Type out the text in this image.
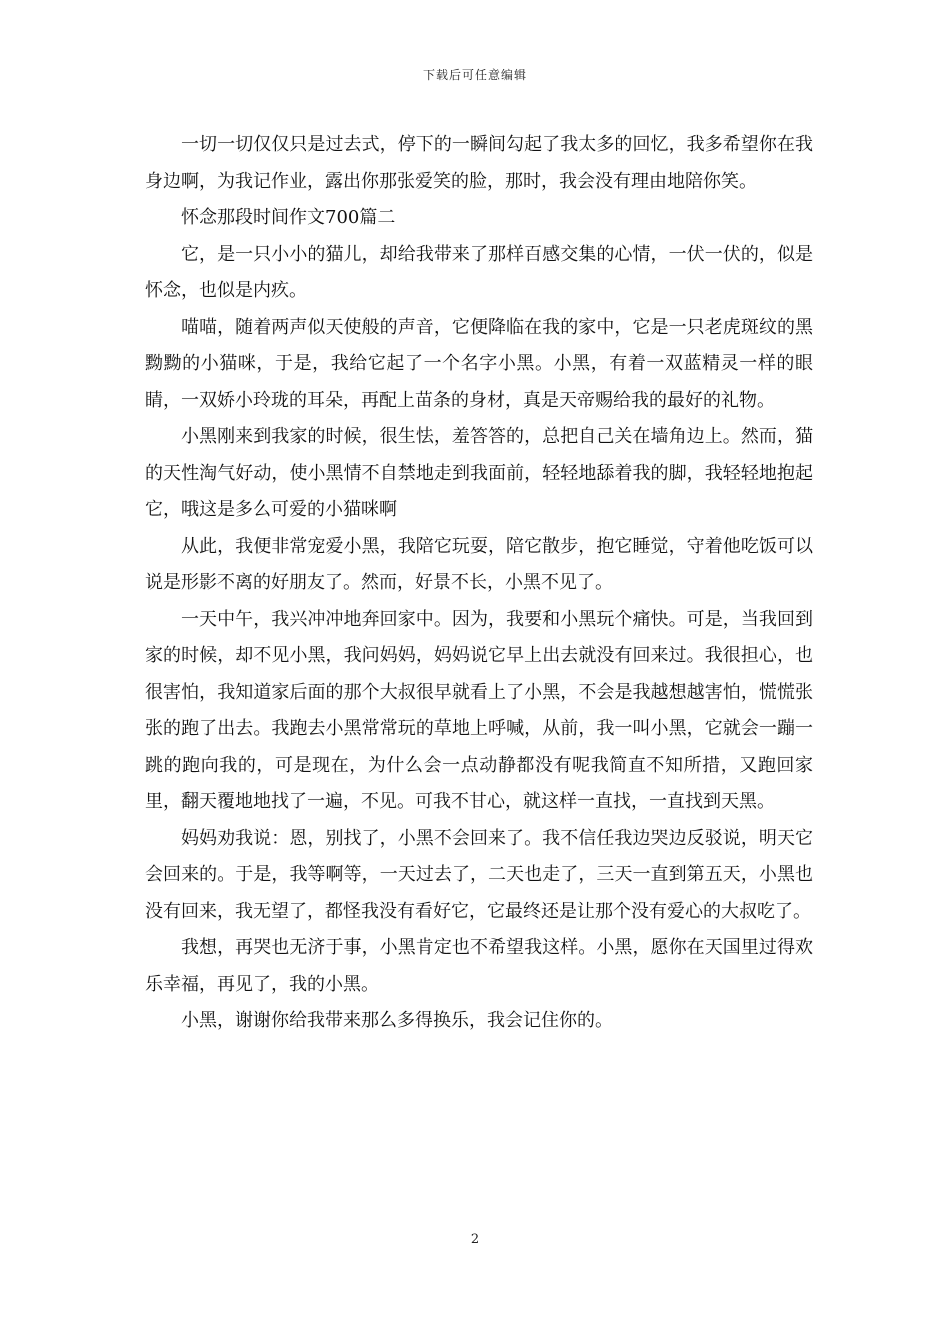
下载后可任意编辑

一切一切仅仅只是过去式，停下的一瞬间勾起了我太多的回忆，我多希望你在我身边啊，为我记作业，露出你那张爱笑的脸，那时，我会没有理由地陪你笑。

怀念那段时间作文700篇二

它，是一只小小的猫儿，却给我带来了那样百感交集的心情，一伏一伏的，似是怀念，也似是内疚。

喵喵，随着两声似天使般的声音，它便降临在我的家中，它是一只老虎斑纹的黑黝黝的小猫咪，于是，我给它起了一个名字小黑。小黑，有着一双蓝精灵一样的眼睛，一双娇小玲珑的耳朵，再配上苗条的身材，真是天帝赐给我的最好的礼物。

小黑刚来到我家的时候，很生怯，羞答答的，总把自己关在墙角边上。然而，猫的天性淘气好动，使小黑情不自禁地走到我面前，轻轻地舔着我的脚，我轻轻地抱起它，哦这是多么可爱的小猫咪啊

从此，我便非常宠爱小黑，我陪它玩耍，陪它散步，抱它睡觉，守着他吃饭可以说是形影不离的好朋友了。然而，好景不长，小黑不见了。

一天中午，我兴冲冲地奔回家中。因为，我要和小黑玩个痛快。可是，当我回到家的时候，却不见小黑，我问妈妈，妈妈说它早上出去就没有回来过。我很担心，也很害怕，我知道家后面的那个大叔很早就看上了小黑，不会是我越想越害怕，慌慌张张的跑了出去。我跑去小黑常常玩的草地上呼喊，从前，我一叫小黑，它就会一蹦一跳的跑向我的，可是现在，为什么会一点动静都没有呢我简直不知所措，又跑回家里，翻天覆地地找了一遍，不见。可我不甘心，就这样一直找，一直找到天黑。

妈妈劝我说：恩，别找了，小黑不会回来了。我不信任我边哭边反驳说，明天它会回来的。于是，我等啊等，一天过去了，二天也走了，三天一直到第五天，小黑也没有回来，我无望了，都怪我没有看好它，它最终还是让那个没有爱心的大叔吃了。

我想，再哭也无济于事，小黑肯定也不希望我这样。小黑，愿你在天国里过得欢乐幸福，再见了，我的小黑。

小黑，谢谢你给我带来那么多得换乐，我会记住你的。

2
